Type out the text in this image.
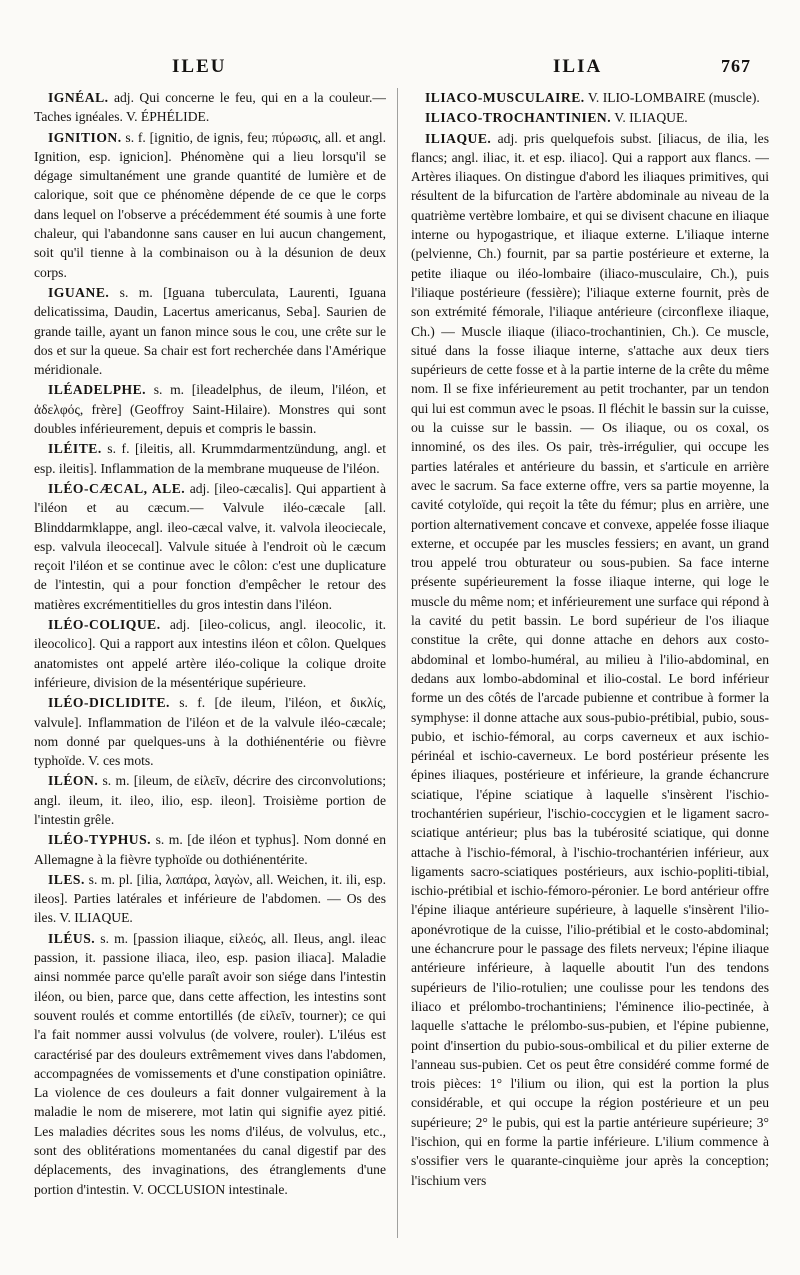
ILEU	ILIA	767

IGNÉAL. adj. Qui concerne le feu, qui en a la couleur.—Taches ignéales. V. ÉPHÉLIDE.

IGNITION. s. f. [ignitio, de ignis, feu; πύρωσις, all. et angl. Ignition, esp. ignicion]. Phénomène qui a lieu lorsqu'il se dégage simultanément une grande quantité de lumière et de calorique, soit que ce phénomène dépende de ce que le corps dans lequel on l'observe a précédemment été soumis à une forte chaleur, qui l'abandonne sans causer en lui aucun changement, soit qu'il tienne à la combinaison ou à la désunion de deux corps.

IGUANE. s. m. [Iguana tuberculata, Laurenti, Iguana delicatissima, Daudin, Lacertus americanus, Seba]. Saurien de grande taille, ayant un fanon mince sous le cou, une crête sur le dos et sur la queue. Sa chair est fort recherchée dans l'Amérique méridionale.

ILÉADELPHE. s. m. [ileadelphus, de ileum, l'iléon, et ἀδελφός, frère] (Geoffroy Saint-Hilaire). Monstres qui sont doubles inférieurement, depuis et compris le bassin.

ILÉITE. s. f. [ileitis, all. Krummdarmentzündung, angl. et esp. ileitis]. Inflammation de la membrane muqueuse de l'iléon.

ILÉO-CÆCAL, ALE. adj. [ileo-cæcalis]. Qui appartient à l'iléon et au cæcum.— Valvule iléo-cæcale [all. Blinddarmklappe, angl. ileo-cæcal valve, it. valvola ileociecale, esp. valvula ileocecal]. Valvule située à l'endroit où le cæcum reçoit l'iléon et se continue avec le côlon: c'est une duplicature de l'intestin, qui a pour fonction d'empêcher le retour des matières excrémentitielles du gros intestin dans l'iléon.

ILÉO-COLIQUE. adj. [ileo-colicus, angl. ileocolic, it. ileocolico]. Qui a rapport aux intestins iléon et côlon. Quelques anatomistes ont appelé artère iléo-colique la colique droite inférieure, division de la mésentérique supérieure.

ILÉO-DICLIDITE. s. f. [de ileum, l'iléon, et δικλίς, valvule]. Inflammation de l'iléon et de la valvule iléo-cæcale; nom donné par quelques-uns à la dothiénentérie ou fièvre typhoïde. V. ces mots.

ILÉON. s. m. [ileum, de εἰλεῖν, décrire des circonvolutions; angl. ileum, it. ileo, ilio, esp. ileon]. Troisième portion de l'intestin grêle.

ILÉO-TYPHUS. s. m. [de iléon et typhus]. Nom donné en Allemagne à la fièvre typhoïde ou dothiénentérite.

ILES. s. m. pl. [ilia, λαπάρα, λαγὼν, all. Weichen, it. ili, esp. ileos]. Parties latérales et inférieure de l'abdomen. — Os des iles. V. ILIAQUE.

ILÉUS. s. m. [passion iliaque, εἰλεός, all. Ileus, angl. ileac passion, it. passione iliaca, ileo, esp. pasion iliaca]. Maladie ainsi nommée parce qu'elle paraît avoir son siége dans l'intestin iléon, ou bien, parce que, dans cette affection, les intestins sont souvent roulés et comme entortillés (de εἰλεῖν, tourner); ce qui l'a fait nommer aussi volvulus (de volvere, rouler). L'iléus est caractérisé par des douleurs extrêmement vives dans l'abdomen, accompagnées de vomissements et d'une constipation opiniâtre. La violence de ces douleurs a fait donner vulgairement à la maladie le nom de miserere, mot latin qui signifie ayez pitié. Les maladies décrites sous les noms d'iléus, de volvulus, etc., sont des oblitérations momentanées du canal digestif par des déplacements, des invaginations, des étranglements d'une portion d'intestin. V. OCCLUSION intestinale.

ILIACO-MUSCULAIRE. V. ILIO-LOMBAIRE (muscle).

ILIACO-TROCHANTINIEN. V. ILIAQUE.

ILIAQUE. adj. pris quelquefois subst. [iliacus, de ilia, les flancs; angl. iliac, it. et esp. iliaco]. Qui a rapport aux flancs. — Artères iliaques. On distingue d'abord les iliaques primitives, qui résultent de la bifurcation de l'artère abdominale au niveau de la quatrième vertèbre lombaire, et qui se divisent chacune en iliaque interne ou hypogastrique, et iliaque externe. L'iliaque interne (pelvienne, Ch.) fournit, par sa partie postérieure et externe, la petite iliaque ou iléo-lombaire (iliaco-musculaire, Ch.), puis l'iliaque postérieure (fessière); l'iliaque externe fournit, près de son extrémité fémorale, l'iliaque antérieure (circonflexe iliaque, Ch.) — Muscle iliaque (iliaco-trochantinien, Ch.). Ce muscle, situé dans la fosse iliaque interne, s'attache aux deux tiers supérieurs de cette fosse et à la partie interne de la crête du même nom. Il se fixe inférieurement au petit trochanter, par un tendon qui lui est commun avec le psoas. Il fléchit le bassin sur la cuisse, ou la cuisse sur le bassin. — Os iliaque, ou os coxal, os innominé, os des iles. Os pair, très-irrégulier, qui occupe les parties latérales et antérieure du bassin, et s'articule en arrière avec le sacrum. Sa face externe offre, vers sa partie moyenne, la cavité cotyloïde, qui reçoit la tête du fémur; plus en arrière, une portion alternativement concave et convexe, appelée fosse iliaque externe, et occupée par les muscles fessiers; en avant, un grand trou appelé trou obturateur ou sous-pubien. Sa face interne présente supérieurement la fosse iliaque interne, qui loge le muscle du même nom; et inférieurement une surface qui répond à la cavité du petit bassin. Le bord supérieur de l'os iliaque constitue la crête, qui donne attache en dehors aux costo-abdominal et lombo-huméral, au milieu à l'ilio-abdominal, en dedans aux lombo-abdominal et ilio-costal. Le bord inférieur forme un des côtés de l'arcade pubienne et contribue à former la symphyse: il donne attache aux sous-pubio-prétibial, pubio, sous-pubio, et ischio-fémoral, au corps caverneux et aux ischio-périnéal et ischio-caverneux. Le bord postérieur présente les épines iliaques, postérieure et inférieure, la grande échancrure sciatique, l'épine sciatique à laquelle s'insèrent l'ischio-trochantérien supérieur, l'ischio-coccygien et le ligament sacro-sciatique antérieur; plus bas la tubérosité sciatique, qui donne attache à l'ischio-fémoral, à l'ischio-trochantérien inférieur, aux ligaments sacro-sciatiques postérieurs, aux ischio-popliti-tibial, ischio-prétibial et ischio-fémoro-péronier. Le bord antérieur offre l'épine iliaque antérieure supérieure, à laquelle s'insèrent l'ilio-aponévrotique de la cuisse, l'ilio-prétibial et le costo-abdominal; une échancrure pour le passage des filets nerveux; l'épine iliaque antérieure inférieure, à laquelle aboutit l'un des tendons supérieurs de l'ilio-rotulien; une coulisse pour les tendons des iliaco et prélombo-trochantiniens; l'éminence ilio-pectinée, à laquelle s'attache le prélombo-sus-pubien, et l'épine pubienne, point d'insertion du pubio-sous-ombilical et du pilier externe de l'anneau sus-pubien. Cet os peut être considéré comme formé de trois pièces: 1° l'ilium ou ilion, qui est la portion la plus considérable, et qui occupe la région postérieure et un peu supérieure; 2° le pubis, qui est la partie antérieure supérieure; 3° l'ischion, qui en forme la partie inférieure. L'ilium commence à s'ossifier vers le quarante-cinquième jour après la conception; l'ischium vers
